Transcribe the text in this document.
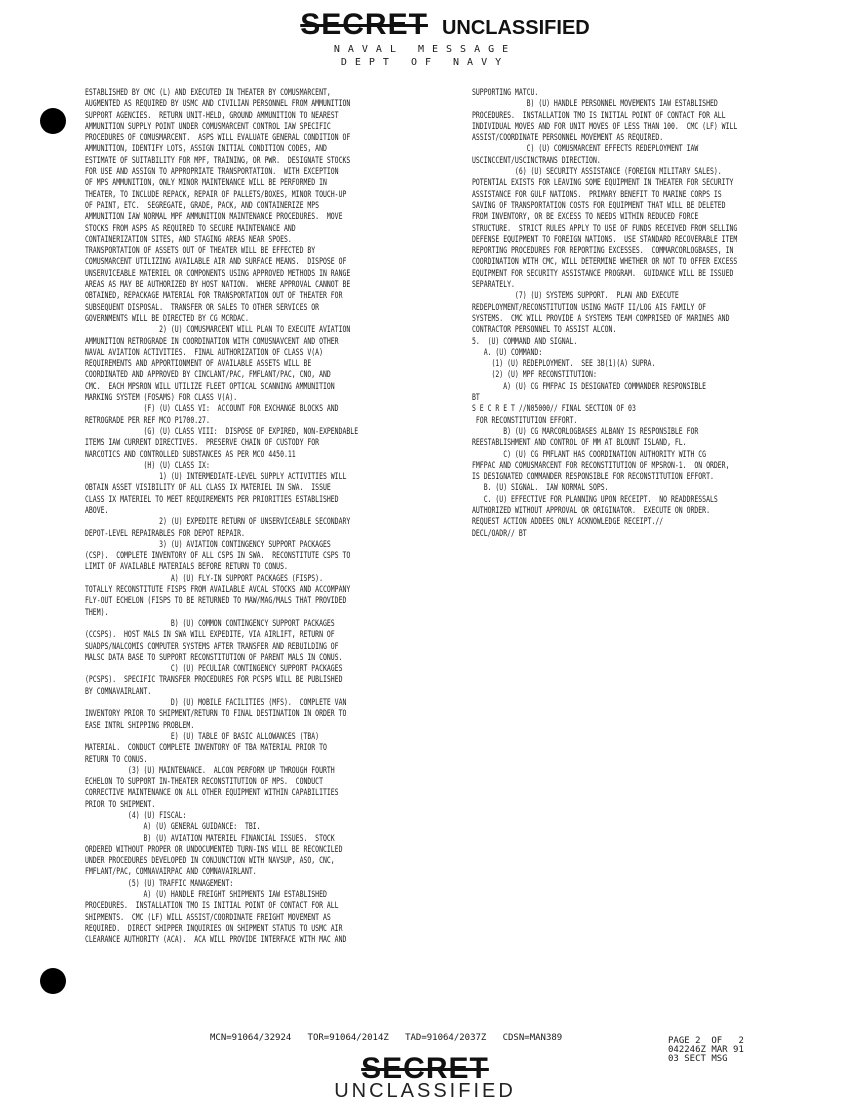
SECRET UNCLASSIFIED
NAVAL MESSAGE
DEPT OF NAVY
ESTABLISHED BY CMC (L) AND EXECUTED IN THEATER BY COMUSMARCENT,
AUGMENTED AS REQUIRED BY USMC AND CIVILIAN PERSONNEL FROM AMMUNITION
SUPPORT AGENCIES.  RETURN UNIT-HELD, GROUND AMMUNITION TO NEAREST
AMMUNITION SUPPLY POINT UNDER COMUSMARCENT CONTROL IAW SPECIFIC
PROCEDURES OF COMUSMARCENT.  ASPS WILL EVALUATE GENERAL CONDITION OF
AMMUNITION, IDENTIFY LOTS, ASSIGN INITIAL CONDITION CODES, AND
ESTIMATE OF SUITABILITY FOR MPF, TRAINING, OR PWR.  DESIGNATE STOCKS
FOR USE AND ASSIGN TO APPROPRIATE TRANSPORTATION.  WITH EXCEPTION
OF MPS AMMUNITION, ONLY MINOR MAINTENANCE WILL BE PERFORMED IN
THEATER, TO INCLUDE REPACK, REPAIR OF PALLETS/BOXES, MINOR TOUCH-UP
OF PAINT, ETC.  SEGREGATE, GRADE, PACK, AND CONTAINERIZE MPS
AMMUNITION IAW NORMAL MPF AMMUNITION MAINTENANCE PROCEDURES.  MOVE
STOCKS FROM ASPS AS REQUIRED TO SECURE MAINTENANCE AND
CONTAINERIZATION SITES, AND STAGING AREAS NEAR SPOES.
TRANSPORTATION OF ASSETS OUT OF THEATER WILL BE EFFECTED BY
COMUSMARCENT UTILIZING AVAILABLE AIR AND SURFACE MEANS.  DISPOSE OF
UNSERVICEABLE MATERIEL OR COMPONENTS USING APPROVED METHODS IN RANGE
AREAS AS MAY BE AUTHORIZED BY HOST NATION.  WHERE APPROVAL CANNOT BE
OBTAINED, REPACKAGE MATERIAL FOR TRANSPORTATION OUT OF THEATER FOR
SUBSEQUENT DISPOSAL.  TRANSFER OR SALES TO OTHER SERVICES OR
GOVERNMENTS WILL BE DIRECTED BY CG MCRDAC.
2) (U) COMUSMARCENT WILL PLAN TO EXECUTE AVIATION
AMMUNITION RETROGRADE IN COORDINATION WITH COMUSNAVCENT AND OTHER
NAVAL AVIATION ACTIVITIES.  FINAL AUTHORIZATION OF CLASS V(A)
REQUIREMENTS AND APPORTIONMENT OF AVAILABLE ASSETS WILL BE
COORDINATED AND APPROVED BY CINCLANT/PAC, FMFLANT/PAC, CNO, AND
CMC.  EACH MPSRON WILL UTILIZE FLEET OPTICAL SCANNING AMMUNITION
MARKING SYSTEM (FOSAMS) FOR CLASS V(A).
(F) (U) CLASS VI:  ACCOUNT FOR EXCHANGE BLOCKS AND
RETROGRADE PER REF MCO P1700.27.
(G) (U) CLASS VIII:  DISPOSE OF EXPIRED, NON-EXPENDABLE
ITEMS IAW CURRENT DIRECTIVES.  PRESERVE CHAIN OF CUSTODY FOR
NARCOTICS AND CONTROLLED SUBSTANCES AS PER MCO 4450.11
(H) (U) CLASS IX:
1) (U) INTERMEDIATE-LEVEL SUPPLY ACTIVITIES WILL
OBTAIN ASSET VISIBILITY OF ALL CLASS IX MATERIEL IN SWA.  ISSUE
CLASS IX MATERIEL TO MEET REQUIREMENTS PER PRIORITIES ESTABLISHED
ABOVE.
2) (U) EXPEDITE RETURN OF UNSERVICEABLE SECONDARY
DEPOT-LEVEL REPAIRABLES FOR DEPOT REPAIR.
3) (U) AVIATION CONTINGENCY SUPPORT PACKAGES
(CSP).  COMPLETE INVENTORY OF ALL CSPS IN SWA.  RECONSTITUTE CSPS TO
LIMIT OF AVAILABLE MATERIALS BEFORE RETURN TO CONUS.
A) (U) FLY-IN SUPPORT PACKAGES (FISPS).
TOTALLY RECONSTITUTE FISPS FROM AVAILABLE AVCAL STOCKS AND ACCOMPANY
FLY-OUT ECHELON (FISPS TO BE RETURNED TO MAW/MAG/MALS THAT PROVIDED
THEM).
B) (U) COMMON CONTINGENCY SUPPORT PACKAGES
(CCSPS).  HOST MALS IN SWA WILL EXPEDITE, VIA AIRLIFT, RETURN OF
SUADPS/NALCOMIS COMPUTER SYSTEMS AFTER TRANSFER AND REBUILDING OF
MALSC DATA BASE TO SUPPORT RECONSTITUTION OF PARENT MALS IN CONUS.
C) (U) PECULIAR CONTINGENCY SUPPORT PACKAGES
(PCSPS).  SPECIFIC TRANSFER PROCEDURES FOR PCSPS WILL BE PUBLISHED
BY COMNAVAIRLANT.
D) (U) MOBILE FACILITIES (MFS).  COMPLETE VAN
INVENTORY PRIOR TO SHIPMENT/RETURN TO FINAL DESTINATION IN ORDER TO
EASE INTRL SHIPPING PROBLEM.
E) (U) TABLE OF BASIC ALLOWANCES (TBA)
MATERIAL.  CONDUCT COMPLETE INVENTORY OF TBA MATERIAL PRIOR TO
RETURN TO CONUS.
(3) (U) MAINTENANCE.  ALCON PERFORM UP THROUGH FOURTH
ECHELON TO SUPPORT IN-THEATER RECONSTITUTION OF MPS.  CONDUCT
CORRECTIVE MAINTENANCE ON ALL OTHER EQUIPMENT WITHIN CAPABILITIES
PRIOR TO SHIPMENT.
(4) (U) FISCAL:
A) (U) GENERAL GUIDANCE:  TBI.
B) (U) AVIATION MATERIEL FINANCIAL ISSUES.  STOCK
ORDERED WITHOUT PROPER OR UNDOCUMENTED TURN-INS WILL BE RECONCILED
UNDER PROCEDURES DEVELOPED IN CONJUNCTION WITH NAVSUP, ASO, CNC,
FMFLANT/PAC, COMNAVAIRPAC AND COMNAVAIRLANT.
(5) (U) TRAFFIC MANAGEMENT:
A) (U) HANDLE FREIGHT SHIPMENTS IAW ESTABLISHED
PROCEDURES.  INSTALLATION TMO IS INITIAL POINT OF CONTACT FOR ALL
SHIPMENTS.  CMC (LF) WILL ASSIST/COORDINATE FREIGHT MOVEMENT AS
REQUIRED.  DIRECT SHIPPER INQUIRIES ON SHIPMENT STATUS TO USMC AIR
CLEARANCE AUTHORITY (ACA).  ACA WILL PROVIDE INTERFACE WITH MAC AND
SUPPORTING MATCU.
B) (U) HANDLE PERSONNEL MOVEMENTS IAW ESTABLISHED
PROCEDURES.  INSTALLATION TMO IS INITIAL POINT OF CONTACT FOR ALL
INDIVIDUAL MOVES AND FOR UNIT MOVES OF LESS THAN 100.  CMC (LF) WILL
ASSIST/COORDINATE PERSONNEL MOVEMENT AS REQUIRED.
C) (U) COMUSMARCENT EFFECTS REDEPLOYMENT IAW
USCINCCENT/USCINCTRANS DIRECTION.
(6) (U) SECURITY ASSISTANCE (FOREIGN MILITARY SALES).
POTENTIAL EXISTS FOR LEAVING SOME EQUIPMENT IN THEATER FOR SECURITY
ASSISTANCE FOR GULF NATIONS.  PRIMARY BENEFIT TO MARINE CORPS IS
SAVING OF TRANSPORTATION COSTS FOR EQUIPMENT THAT WILL BE DELETED
FROM INVENTORY, OR BE EXCESS TO NEEDS WITHIN REDUCED FORCE
STRUCTURE.  STRICT RULES APPLY TO USE OF FUNDS RECEIVED FROM SELLING
DEFENSE EQUIPMENT TO FOREIGN NATIONS.  USE STANDARD RECOVERABLE ITEM
REPORTING PROCEDURES FOR REPORTING EXCESSES.  COMMARCORLOGBASES, IN
COORDINATION WITH CMC, WILL DETERMINE WHETHER OR NOT TO OFFER EXCESS
EQUIPMENT FOR SECURITY ASSISTANCE PROGRAM.  GUIDANCE WILL BE ISSUED
SEPARATELY.
(7) (U) SYSTEMS SUPPORT.  PLAN AND EXECUTE
REDEPLOYMENT/RECONSTITUTION USING MAGTF II/LOG AIS FAMILY OF
SYSTEMS.  CMC WILL PROVIDE A SYSTEMS TEAM COMPRISED OF MARINES AND
CONTRACTOR PERSONNEL TO ASSIST ALCON.
5.  (U) COMMAND AND SIGNAL.
A. (U) COMMAND:
(1) (U) REDEPLOYMENT.  SEE 3B(1)(A) SUPRA.
(2) (U) MPF RECONSTITUTION:
A) (U) CG FMFPAC IS DESIGNATED COMMANDER RESPONSIBLE
BT
S E C R E T //N05000// FINAL SECTION OF 03
FOR RECONSTITUTION EFFORT.
B) (U) CG MARCORLOGBASES ALBANY IS RESPONSIBLE FOR
REESTABLISHMENT AND CONTROL OF MM AT BLOUNT ISLAND, FL.
C) (U) CG FMFLANT HAS COORDINATION AUTHORITY WITH CG
FMFPAC AND COMUSMARCENT FOR RECONSTITUTION OF MPSRON-1.  ON ORDER,
IS DESIGNATED COMMANDER RESPONSIBLE FOR RECONSTITUTION EFFORT.
B. (U) SIGNAL.  IAW NORMAL SOPS.
C. (U) EFFECTIVE FOR PLANNING UPON RECEIPT.  NO READDRESSALS
AUTHORIZED WITHOUT APPROVAL OR ORIGINATOR.  EXECUTE ON ORDER.
REQUEST ACTION ADDEES ONLY ACKNOWLEDGE RECEIPT.//
DECL/OADR// BT
MCN=91064/32924   TOR=91064/2014Z   TAD=91064/2037Z   CDSN=MAN389	PAGE 2  OF   2
042246Z MAR 91
03 SECT MSG
SECRET
UNCLASSIFIED
